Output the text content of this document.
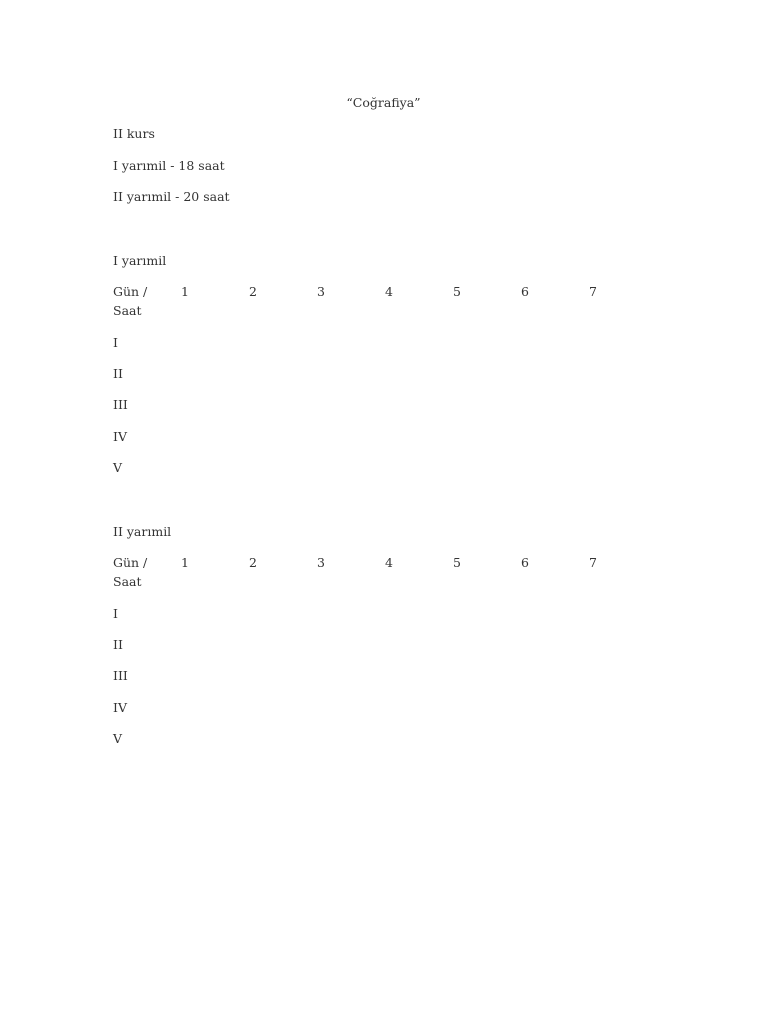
“Coğrafiya”

II kurs

I yarımil - 18 saat

II yarımil - 20 saat

I yarımil

Gün / Saat	1	2	3	4	5	6	7
I							
II							
III							
IV							
V							

II yarımil

Gün / Saat	1	2	3	4	5	6	7
I							
II							
III							
IV							
V							
